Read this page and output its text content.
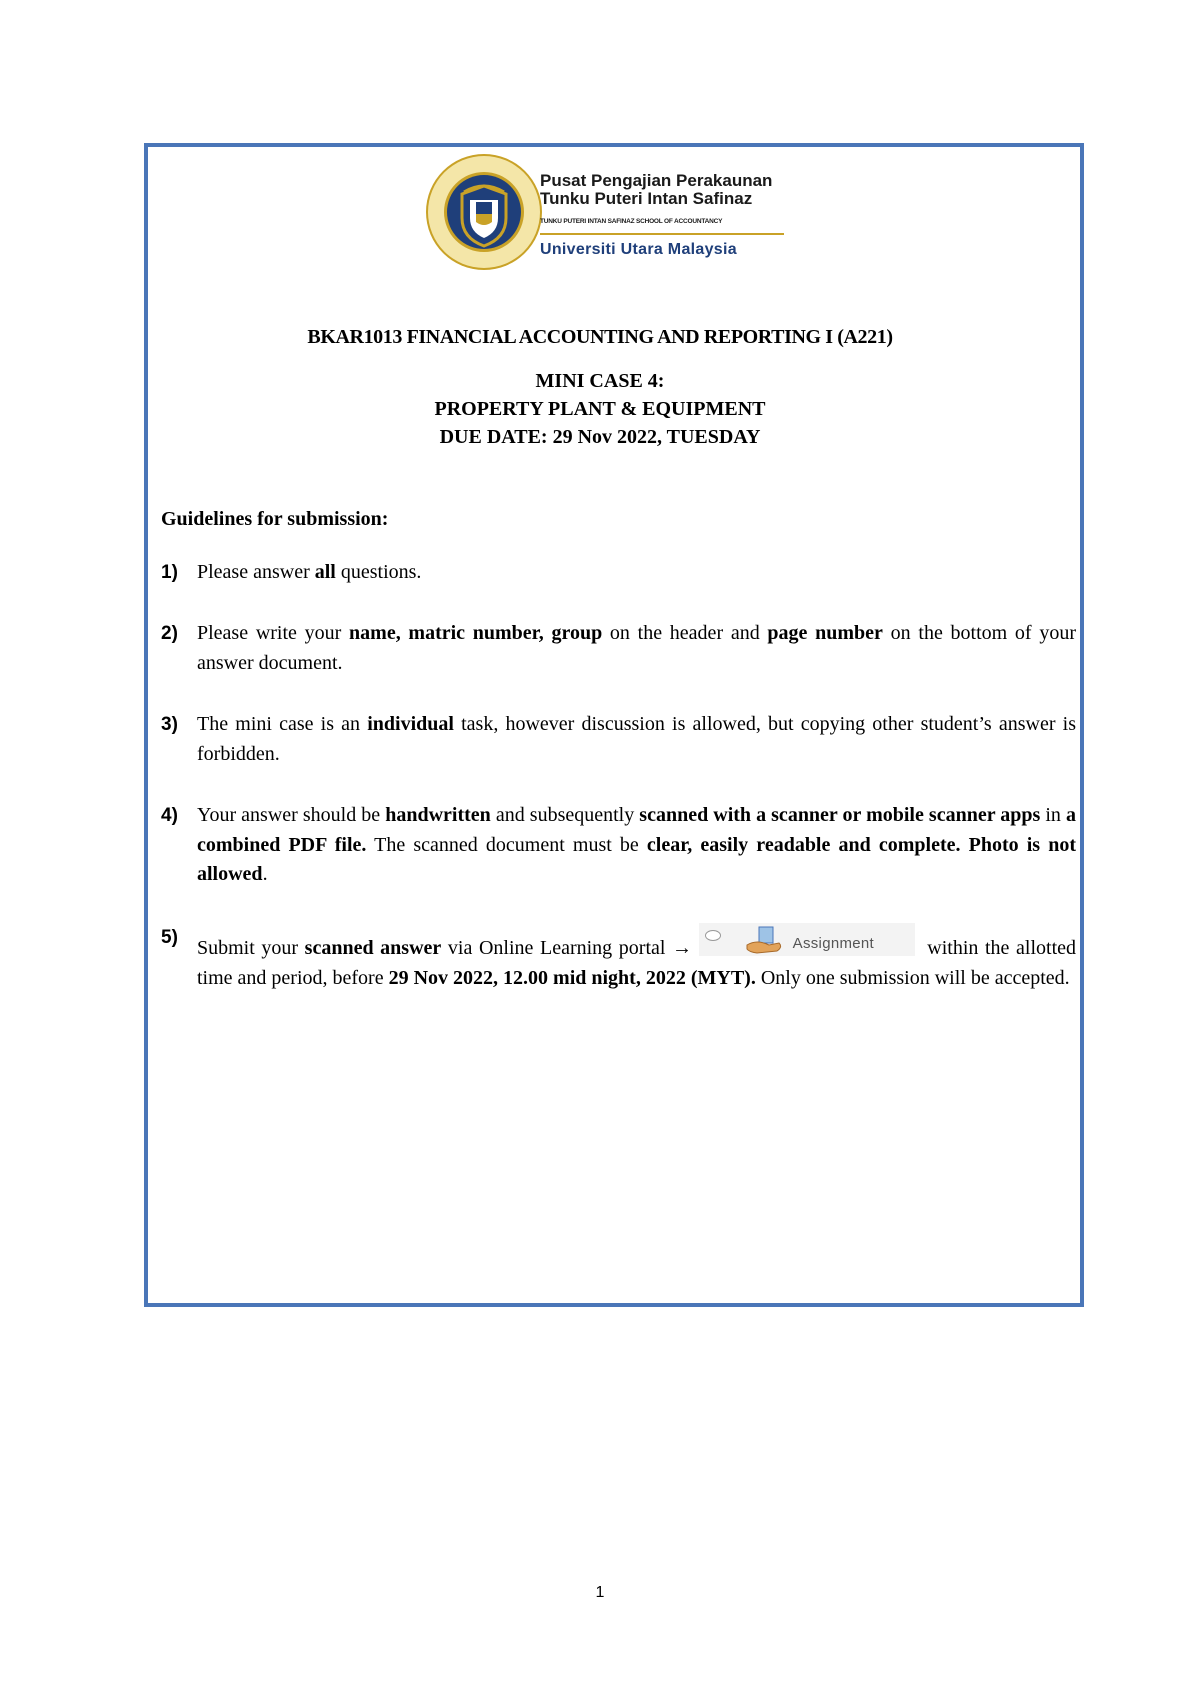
Pusat Pengajian Perakaunan
Tunku Puteri Intan Safinaz
TUNKU PUTERI INTAN SAFINAZ SCHOOL OF ACCOUNTANCY
Universiti Utara Malaysia
BKAR1013 FINANCIAL ACCOUNTING AND REPORTING I (A221)
MINI CASE 4:
PROPERTY PLANT & EQUIPMENT
DUE DATE: 29 Nov 2022, TUESDAY
Guidelines for submission:
1) Please answer all questions.
2) Please write your name, matric number, group on the header and page number on the bottom of your answer document.
3) The mini case is an individual task, however discussion is allowed, but copying other student’s answer is forbidden.
4) Your answer should be handwritten and subsequently scanned with a scanner or mobile scanner apps in a combined PDF file. The scanned document must be clear, easily readable and complete. Photo is not allowed.
5) Submit your scanned answer via Online Learning portal →	Assignment within the allotted time and period, before 29 Nov 2022, 12.00 mid night, 2022 (MYT). Only one submission will be accepted.
1
